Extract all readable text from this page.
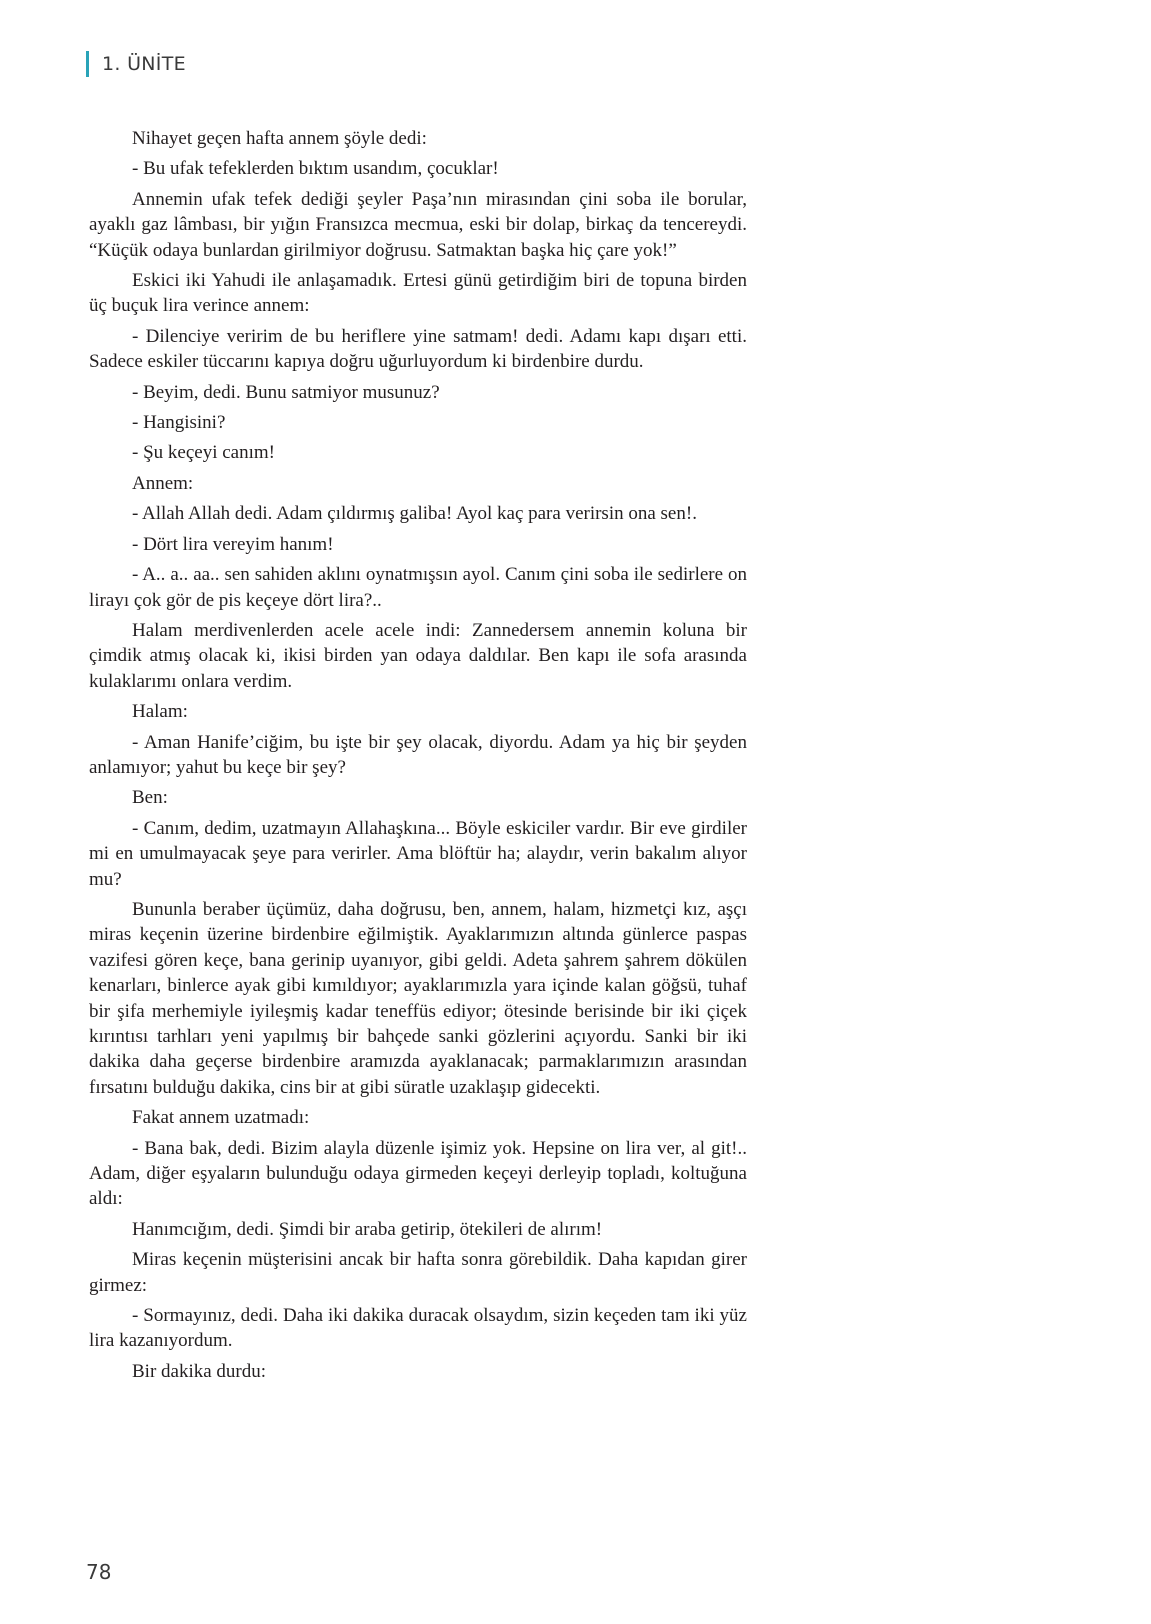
1. ÜNİTE

Nihayet geçen hafta annem şöyle dedi:

- Bu ufak tefeklerden bıktım usandım, çocuklar!

Annemin ufak tefek dediği şeyler Paşa’nın mirasından çini soba ile borular, ayaklı gaz lâmbası, bir yığın Fransızca mecmua, eski bir dolap, birkaç da tencereydi. “Küçük odaya bunlardan girilmiyor doğrusu. Satmaktan başka hiç çare yok!”

Eskici iki Yahudi ile anlaşamadık. Ertesi günü getirdiğim biri de topuna birden üç buçuk lira verince annem:

- Dilenciye veririm de bu heriflere yine satmam! dedi. Adamı kapı dışarı etti. Sadece eskiler tüccarını kapıya doğru uğurluyordum ki birdenbire durdu.

- Beyim, dedi. Bunu satmiyor musunuz?

- Hangisini?

- Şu keçeyi canım!

Annem:

- Allah Allah dedi. Adam çıldırmış galiba! Ayol kaç para verirsin ona sen!.

- Dört lira vereyim hanım!

- A.. a.. aa.. sen sahiden aklını oynatmışsın ayol. Canım çini soba ile sedirlere on lirayı çok gör de pis keçeye dört lira?..

Halam merdivenlerden acele acele indi: Zannedersem annemin koluna bir çimdik atmış olacak ki, ikisi birden yan odaya daldılar. Ben kapı ile sofa arasında kulaklarımı onlara verdim.

Halam:

- Aman Hanife’ciğim, bu işte bir şey olacak, diyordu. Adam ya hiç bir şeyden anlamıyor; yahut bu keçe bir şey?

Ben:

- Canım, dedim, uzatmayın Allahaşkına... Böyle eskiciler vardır. Bir eve girdiler mi en umulmayacak şeye para verirler. Ama blöftür ha; alaydır, verin bakalım alıyor mu?

Bununla beraber üçümüz, daha doğrusu, ben, annem, halam, hizmetçi kız, aşçı miras keçenin üzerine birdenbire eğilmiştik. Ayaklarımızın altında günlerce paspas vazifesi gören keçe, bana gerinip uyanıyor, gibi geldi. Adeta şahrem şahrem dökülen kenarları, binlerce ayak gibi kımıldıyor; ayaklarımızla yara içinde kalan göğsü, tuhaf bir şifa merhemiyle iyileşmiş kadar teneffüs ediyor; ötesinde berisinde bir iki çiçek kırıntısı tarhları yeni yapılmış bir bahçede sanki gözlerini açıyordu. Sanki bir iki dakika daha geçerse birdenbire aramızda ayaklanacak; parmaklarımızın arasından fırsatını bulduğu dakika, cins bir at gibi süratle uzaklaşıp gidecekti.

Fakat annem uzatmadı:

- Bana bak, dedi. Bizim alayla düzenle işimiz yok. Hepsine on lira ver, al git!.. Adam, diğer eşyaların bulunduğu odaya girmeden keçeyi derleyip topladı, koltuğuna aldı:

Hanımcığım, dedi. Şimdi bir araba getirip, ötekileri de alırım!

Miras keçenin müşterisini ancak bir hafta sonra görebildik. Daha kapıdan girer girmez:

- Sormayınız, dedi. Daha iki dakika duracak olsaydım, sizin keçeden tam iki yüz lira kazanıyordum.

Bir dakika durdu:

78
